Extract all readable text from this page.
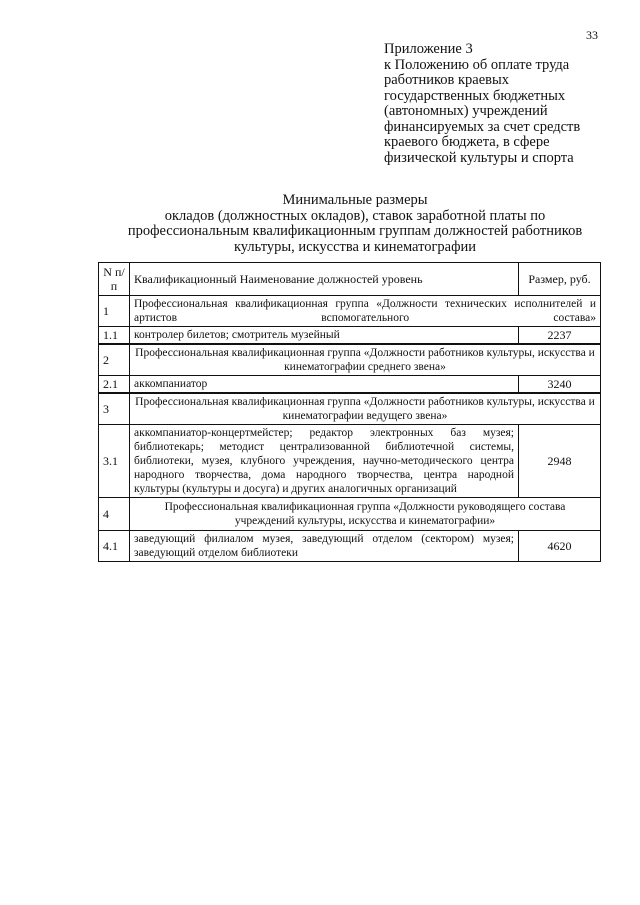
33
Приложение 3
к Положению об оплате труда
работников краевых
государственных бюджетных
(автономных) учреждений
финансируемых за счет средств
краевого бюджета, в сфере
физической культуры и спорта
Минимальные размеры
окладов (должностных окладов), ставок заработной платы по
профессиональным квалификационным группам должностей работников
культуры, искусства и кинематографии
N п/п	Квалификационный Наименование должностей уровень	Размер, руб.
1	Профессиональная квалификационная группа «Должности технических исполнителей и артистов вспомогательного состава»	
1.1	контролер билетов; смотритель музейный	2237
2	Профессиональная квалификационная группа «Должности работников культуры, искусства и кинематографии среднего звена»	
2.1	аккомпаниатор	3240
3	Профессиональная квалификационная группа «Должности работников культуры, искусства и кинематографии ведущего звена»	
3.1	аккомпаниатор-концертмейстер; редактор электронных баз музея; библиотекарь; методист централизованной библиотечной системы, библиотеки, музея, клубного учреждения, научно-методического центра народного творчества, дома народного творчества, центра народной культуры (культуры и досуга) и других аналогичных организаций	2948
4	Профессиональная квалификационная группа «Должности руководящего состава учреждений культуры, искусства и кинематографии»	
4.1	заведующий филиалом музея, заведующий отделом (сектором) музея; заведующий отделом библиотеки	4620
